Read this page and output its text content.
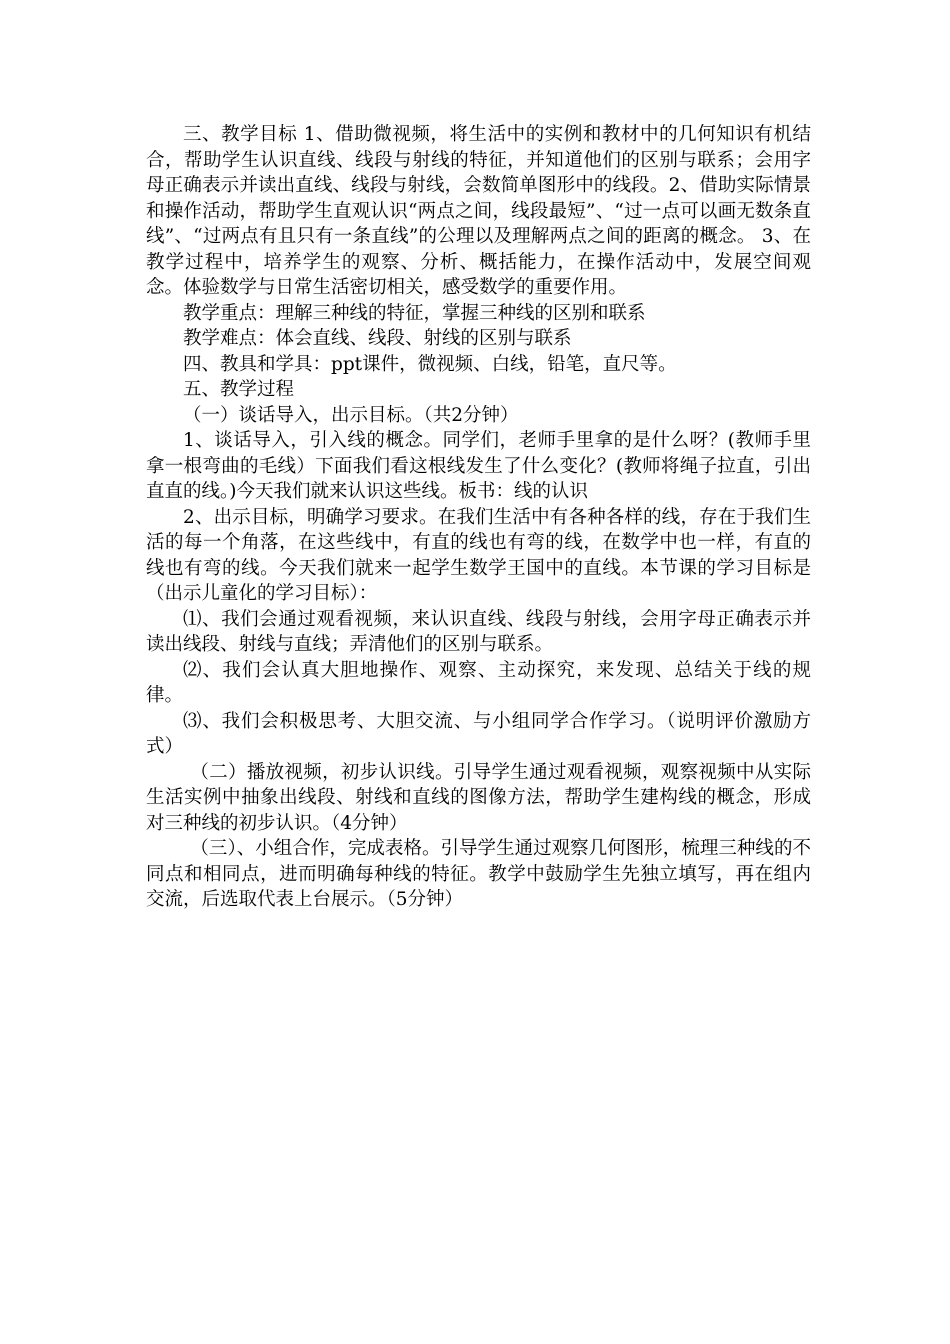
三、教学目标 1、借助微视频，将生活中的实例和教材中的几何知识有机结合，帮助学生认识直线、线段与射线的特征，并知道他们的区别与联系；会用字母正确表示并读出直线、线段与射线，会数简单图形中的线段。2、借助实际情景和操作活动，帮助学生直观认识“两点之间，线段最短”、“过一点可以画无数条直线”、“过两点有且只有一条直线”的公理以及理解两点之间的距离的概念。 3、在教学过程中，培养学生的观察、分析、概括能力，在操作活动中，发展空间观念。体验数学与日常生活密切相关，感受数学的重要作用。

教学重点：理解三种线的特征，掌握三种线的区别和联系

教学难点：体会直线、线段、射线的区别与联系

四、教具和学具：ppt课件，微视频、白线，铅笔，直尺等。

五、教学过程

（一）谈话导入，出示目标。（共2分钟）

1、谈话导入，引入线的概念。同学们，老师手里拿的是什么呀？(教师手里拿一根弯曲的毛线）下面我们看这根线发生了什么变化？(教师将绳子拉直，引出直直的线。)今天我们就来认识这些线。板书：线的认识

2、出示目标，明确学习要求。在我们生活中有各种各样的线，存在于我们生活的每一个角落，在这些线中，有直的线也有弯的线，在数学中也一样，有直的线也有弯的线。今天我们就来一起学生数学王国中的直线。本节课的学习目标是（出示儿童化的学习目标）：

⑴、我们会通过观看视频，来认识直线、线段与射线，会用字母正确表示并读出线段、射线与直线；弄清他们的区别与联系。

⑵、我们会认真大胆地操作、观察、主动探究，来发现、总结关于线的规律。

⑶、我们会积极思考、大胆交流、与小组同学合作学习。（说明评价激励方式）

（二）播放视频，初步认识线。引导学生通过观看视频，观察视频中从实际生活实例中抽象出线段、射线和直线的图像方法，帮助学生建构线的概念，形成对三种线的初步认识。（4分钟）

（三）、小组合作，完成表格。引导学生通过观察几何图形，梳理三种线的不同点和相同点，进而明确每种线的特征。教学中鼓励学生先独立填写，再在组内交流，后选取代表上台展示。（5分钟）
